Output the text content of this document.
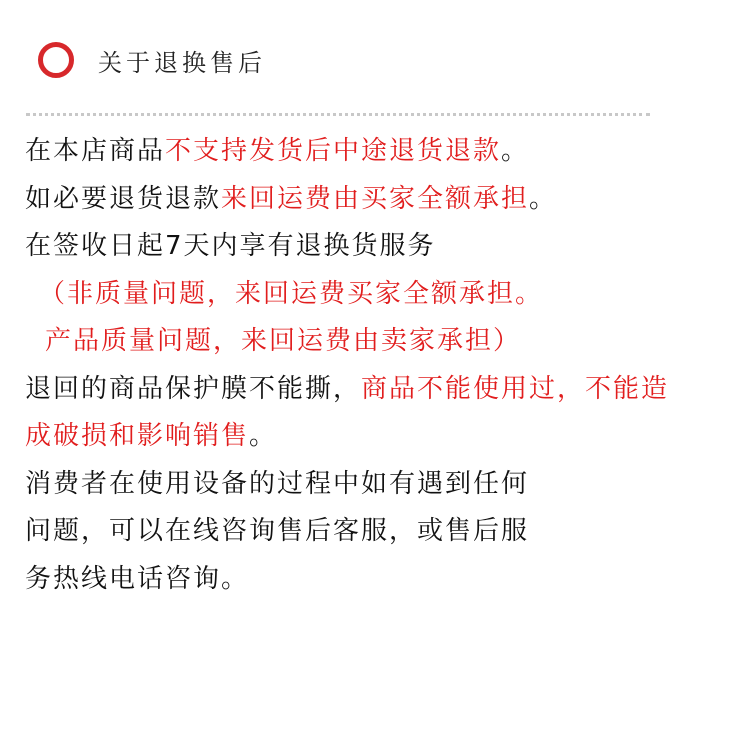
关于退换售后
在本店商品不支持发货后中途退货退款。
如必要退货退款来回运费由买家全额承担。
在签收日起7天内享有退换货服务
（非质量问题，来回运费买家全额承担。
产品质量问题，来回运费由卖家承担）
退回的商品保护膜不能撕，商品不能使用过，不能造
成破损和影响销售。
消费者在使用设备的过程中如有遇到任何
问题，可以在线咨询售后客服，或售后服
务热线电话咨询。
